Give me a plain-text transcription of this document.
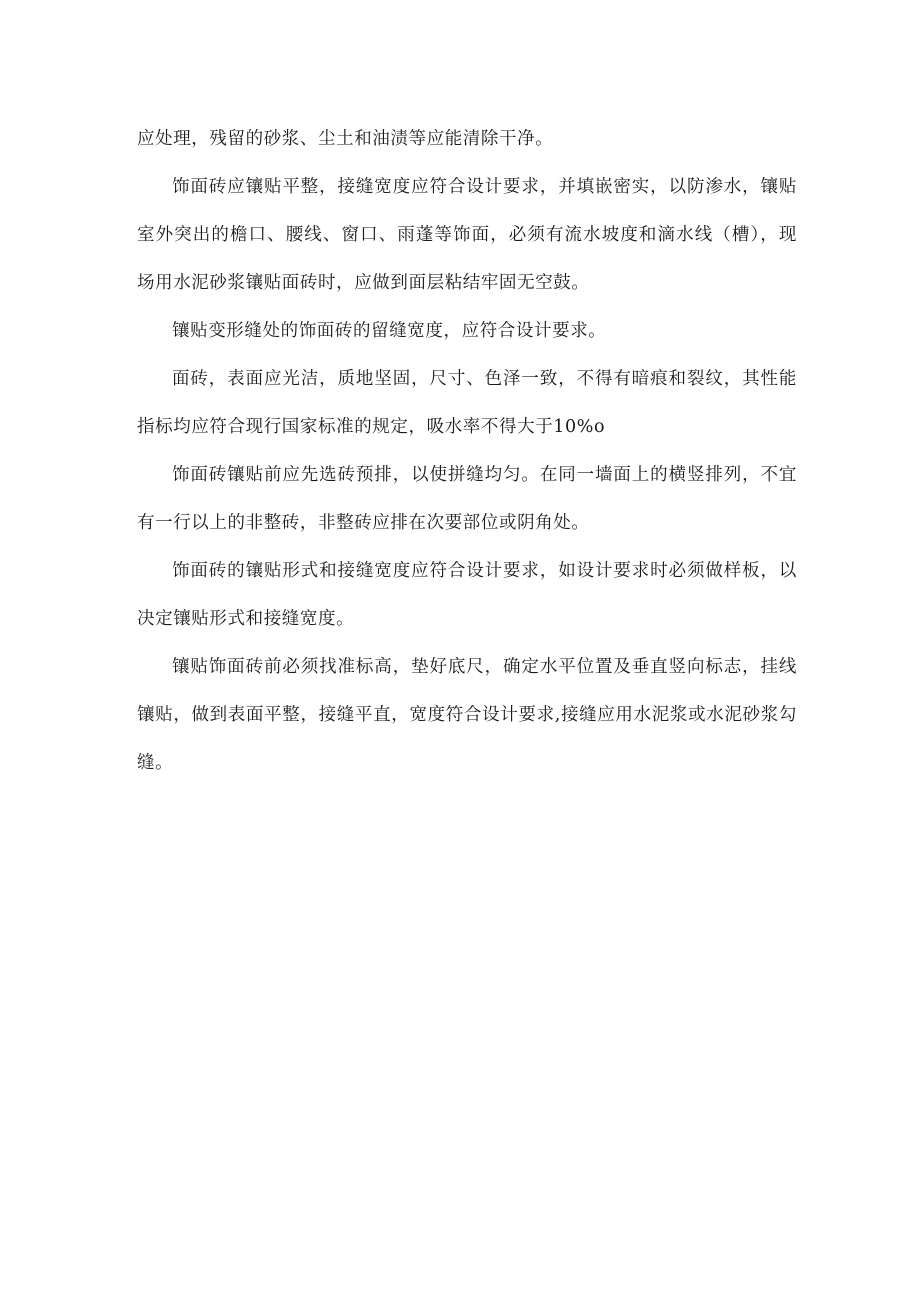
应处理，残留的砂浆、尘土和油渍等应能清除干净。

饰面砖应镶贴平整，接缝宽度应符合设计要求，并填嵌密实，以防渗水，镶贴室外突出的檐口、腰线、窗口、雨蓬等饰面，必须有流水坡度和滴水线（槽），现场用水泥砂浆镶贴面砖时，应做到面层粘结牢固无空鼓。

镶贴变形缝处的饰面砖的留缝宽度，应符合设计要求。

面砖，表面应光洁，质地坚固，尺寸、色泽一致，不得有暗痕和裂纹，其性能指标均应符合现行国家标准的规定，吸水率不得大于10%o

饰面砖镶贴前应先选砖预排，以使拼缝均匀。在同一墙面上的横竖排列，不宜有一行以上的非整砖，非整砖应排在次要部位或阴角处。

饰面砖的镶贴形式和接缝宽度应符合设计要求，如设计要求时必须做样板，以决定镶贴形式和接缝宽度。

镶贴饰面砖前必须找准标高，垫好底尺，确定水平位置及垂直竖向标志，挂线镶贴，做到表面平整，接缝平直，宽度符合设计要求,接缝应用水泥浆或水泥砂浆勾缝。
